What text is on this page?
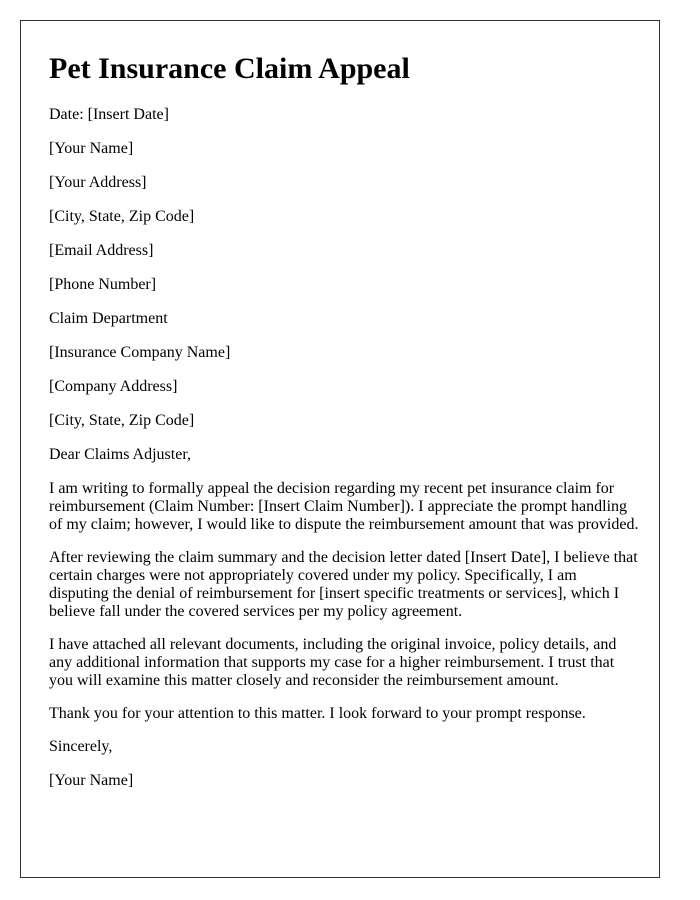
Pet Insurance Claim Appeal

Date: [Insert Date]

[Your Name]

[Your Address]

[City, State, Zip Code]

[Email Address]

[Phone Number]

Claim Department

[Insurance Company Name]

[Company Address]

[City, State, Zip Code]

Dear Claims Adjuster,

I am writing to formally appeal the decision regarding my recent pet insurance claim for reimbursement (Claim Number: [Insert Claim Number]). I appreciate the prompt handling of my claim; however, I would like to dispute the reimbursement amount that was provided.

After reviewing the claim summary and the decision letter dated [Insert Date], I believe that certain charges were not appropriately covered under my policy. Specifically, I am disputing the denial of reimbursement for [insert specific treatments or services], which I believe fall under the covered services per my policy agreement.

I have attached all relevant documents, including the original invoice, policy details, and any additional information that supports my case for a higher reimbursement. I trust that you will examine this matter closely and reconsider the reimbursement amount.

Thank you for your attention to this matter. I look forward to your prompt response.

Sincerely,

[Your Name]
